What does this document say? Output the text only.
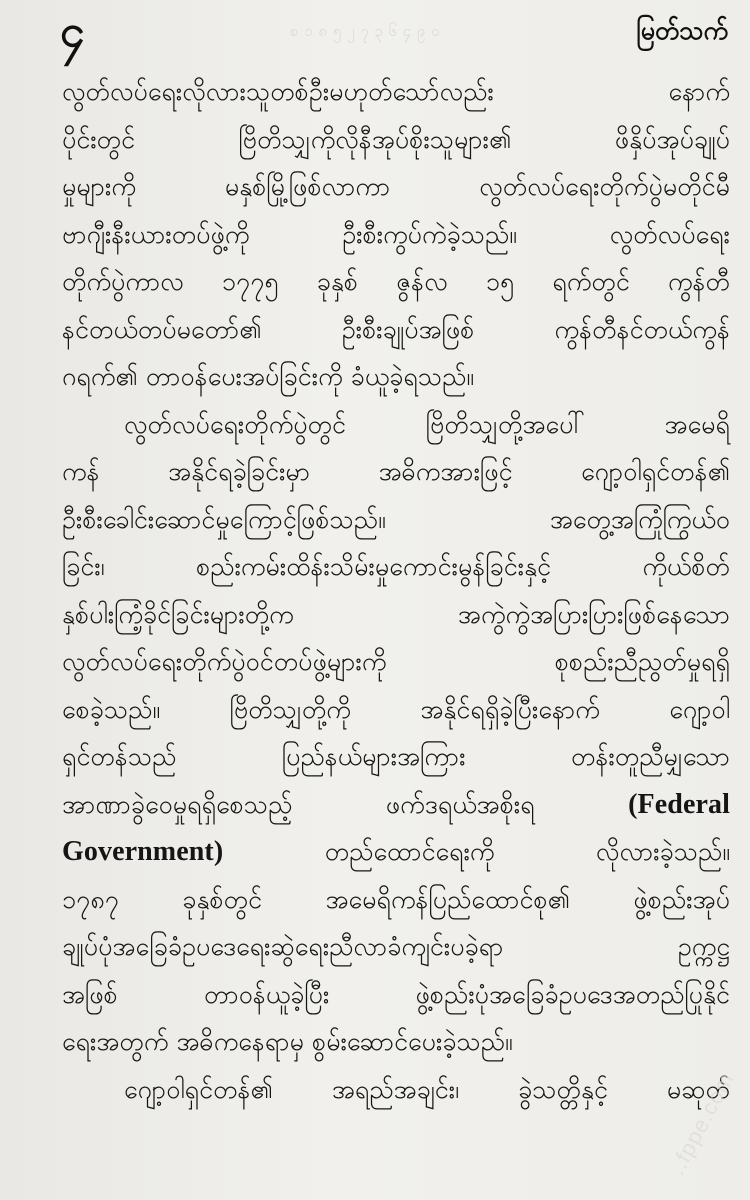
၄	စ ၁ ၈ ၅ ၂ ၇ ၃ ၆ ၄ ၉ ၀	မြတ်သက်
လွတ်လပ်ရေးလိုလားသူတစ်ဦးမဟုတ်သော်လည်း နောက်
ပိုင်းတွင် ဗြိတိသျှကိုလိုနီအုပ်စိုးသူများ၏ ဖိနှိပ်အုပ်ချုပ်
မှုများကို မနှစ်မြို့ဖြစ်လာကာ လွတ်လပ်ရေးတိုက်ပွဲမတိုင်မီ
ဗာဂျီးနီးယားတပ်ဖွဲ့ကို ဦးစီးကွပ်ကဲခဲ့သည်။ လွတ်လပ်ရေး
တိုက်ပွဲကာလ ၁၇၇၅ ခုနှစ် ဇွန်လ ၁၅ ရက်တွင် ကွန်တီ
နင်တယ်တပ်မတော်၏ ဦးစီးချုပ်အဖြစ် ကွန်တီနင်တယ်ကွန်
ဂရက်၏ တာဝန်ပေးအပ်ခြင်းကို ခံယူခဲ့ရသည်။
လွတ်လပ်ရေးတိုက်ပွဲတွင် ဗြိတိသျှတို့အပေါ် အမေရိ
ကန် အနိုင်ရခဲ့ခြင်းမှာ အဓိကအားဖြင့် ဂျော့ဝါရှင်တန်၏
ဦးစီးခေါင်းဆောင်မှုကြောင့်ဖြစ်သည်။ အတွေ့အကြုံကြွယ်ဝ
ခြင်း၊ စည်းကမ်းထိန်းသိမ်းမှုကောင်းမွန်ခြင်းနှင့် ကိုယ်စိတ်
နှစ်ပါးကြံ့ခိုင်ခြင်းများတို့က အကွဲကွဲအပြားပြားဖြစ်နေသော
လွတ်လပ်ရေးတိုက်ပွဲဝင်တပ်ဖွဲ့များကို စုစည်းညီညွတ်မှုရရှိ
စေခဲ့သည်။ ဗြိတိသျှတို့ကို အနိုင်ရရှိခဲ့ပြီးနောက် ဂျော့ဝါ
ရှင်တန်သည် ပြည်နယ်များအကြား တန်းတူညီမျှသော
အာဏာခွဲဝေမှုရရှိစေသည့် ဖက်ဒရယ်အစိုးရ (Federal
Government) တည်ထောင်ရေးကို လိုလားခဲ့သည်။
၁၇၈၇ ခုနှစ်တွင် အမေရိကန်ပြည်ထောင်စု၏ ဖွဲ့စည်းအုပ်
ချုပ်ပုံအခြေခံဥပဒေရေးဆွဲရေးညီလာခံကျင်းပခဲ့ရာ ဥက္ကဋ္ဌ
အဖြစ် တာဝန်ယူခဲ့ပြီး ဖွဲ့စည်းပုံအခြေခံဥပဒေအတည်ပြုနိုင်
ရေးအတွက် အဓိကနေရာမှ စွမ်းဆောင်ပေးခဲ့သည်။
ဂျော့ဝါရှင်တန်၏ အရည်အချင်း၊ ခွဲသတ္တိနှင့် မဆုတ်
..fppe.com
